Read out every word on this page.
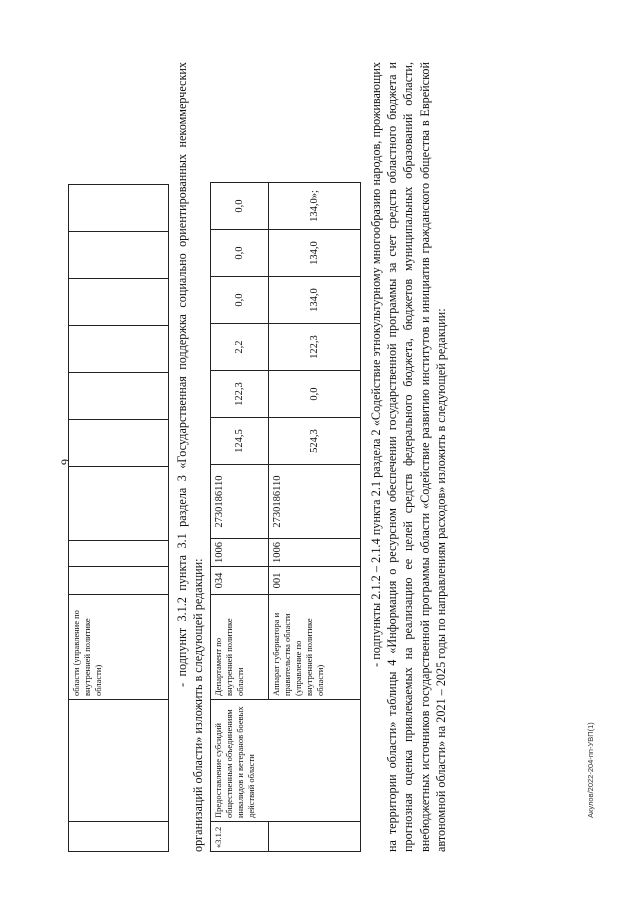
9
		области (управление по внутренней политике области)										- подпункт 3.1.2 пункта 3.1 раздела 3 «Государственная поддержка социально ориентированных некоммерческих организаций области» изложить в следующей редакции: «3.1.2	Предоставление субсидий общественным объединениям инвалидов и ветеранов боевых действий области	Департамент по внутренней политике области	034	1006	2730186110	124,5	122,3	2,2	0,0	0,0	0,0
		Аппарат губернатора и правительства области (управление по внутренней политике области)	001	1006	2730186110	524,3	0,0	122,3	134,0	134,0	134,0»;	- подпункты 2.1.2 – 2.1.4 пункта 2.1 раздела 2 «Содействие этнокультурному многообразию народов, проживающих на территории области» таблицы 4 «Информация о ресурсном обеспечении государственной программы за счет средств областного бюджета и прогнозная оценка привлекаемых на реализацию ее целей средств федерального бюджета, бюджетов муниципальных образований области, внебюджетных источников государственной программы области «Содействие развитию институтов и инициатив гражданского общества в Еврейской автономной области» на 2021 – 2025 годы по направлениям расходов» изложить в следующей редакции:	Акулов/2022-204-пп-УВП(1)
